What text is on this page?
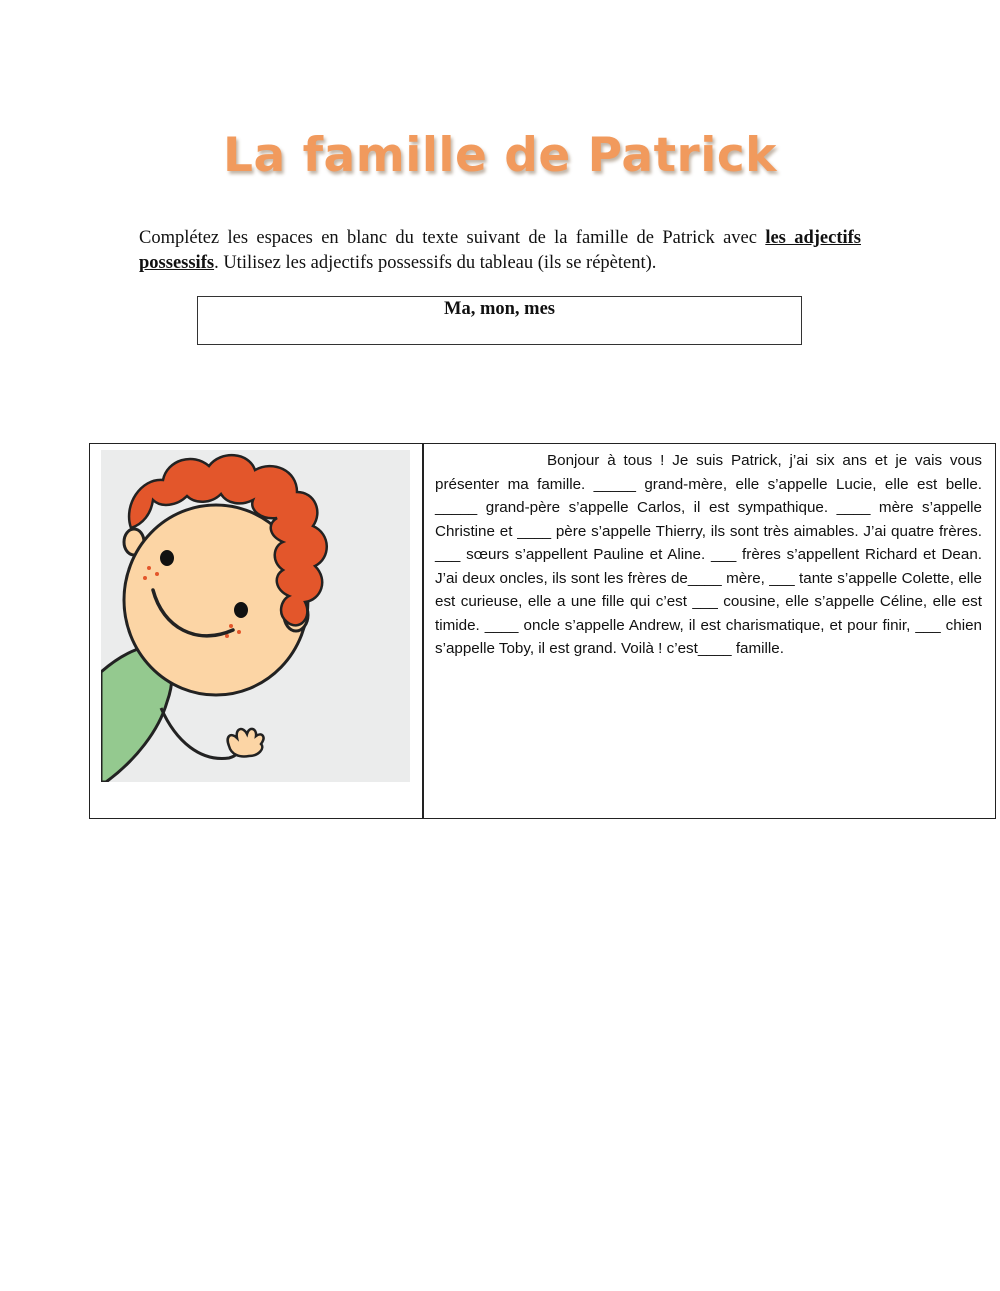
La famille de Patrick
Complétez les espaces en blanc du texte suivant de la famille de Patrick avec les adjectifs possessifs. Utilisez les adjectifs possessifs du tableau (ils se répètent).
Ma, mon, mes
Bonjour à tous ! Je suis Patrick, j’ai six ans et je vais vous présenter ma famille. _____ grand-mère, elle s’appelle Lucie, elle est belle. _____ grand-père s’appelle Carlos, il est sympathique. ____ mère s’appelle Christine et ____ père s’appelle Thierry, ils sont très aimables. J’ai quatre frères. ___ sœurs s’appellent Pauline et Aline. ___ frères s’appellent Richard et Dean. J’ai deux oncles, ils sont les frères de____ mère, ___ tante s’appelle Colette, elle est curieuse, elle a une fille qui c’est ___ cousine, elle s’appelle Céline, elle est timide. ____ oncle s’appelle Andrew, il est charismatique, et pour finir, ___ chien s’appelle Toby, il est grand. Voilà ! c’est____ famille.
